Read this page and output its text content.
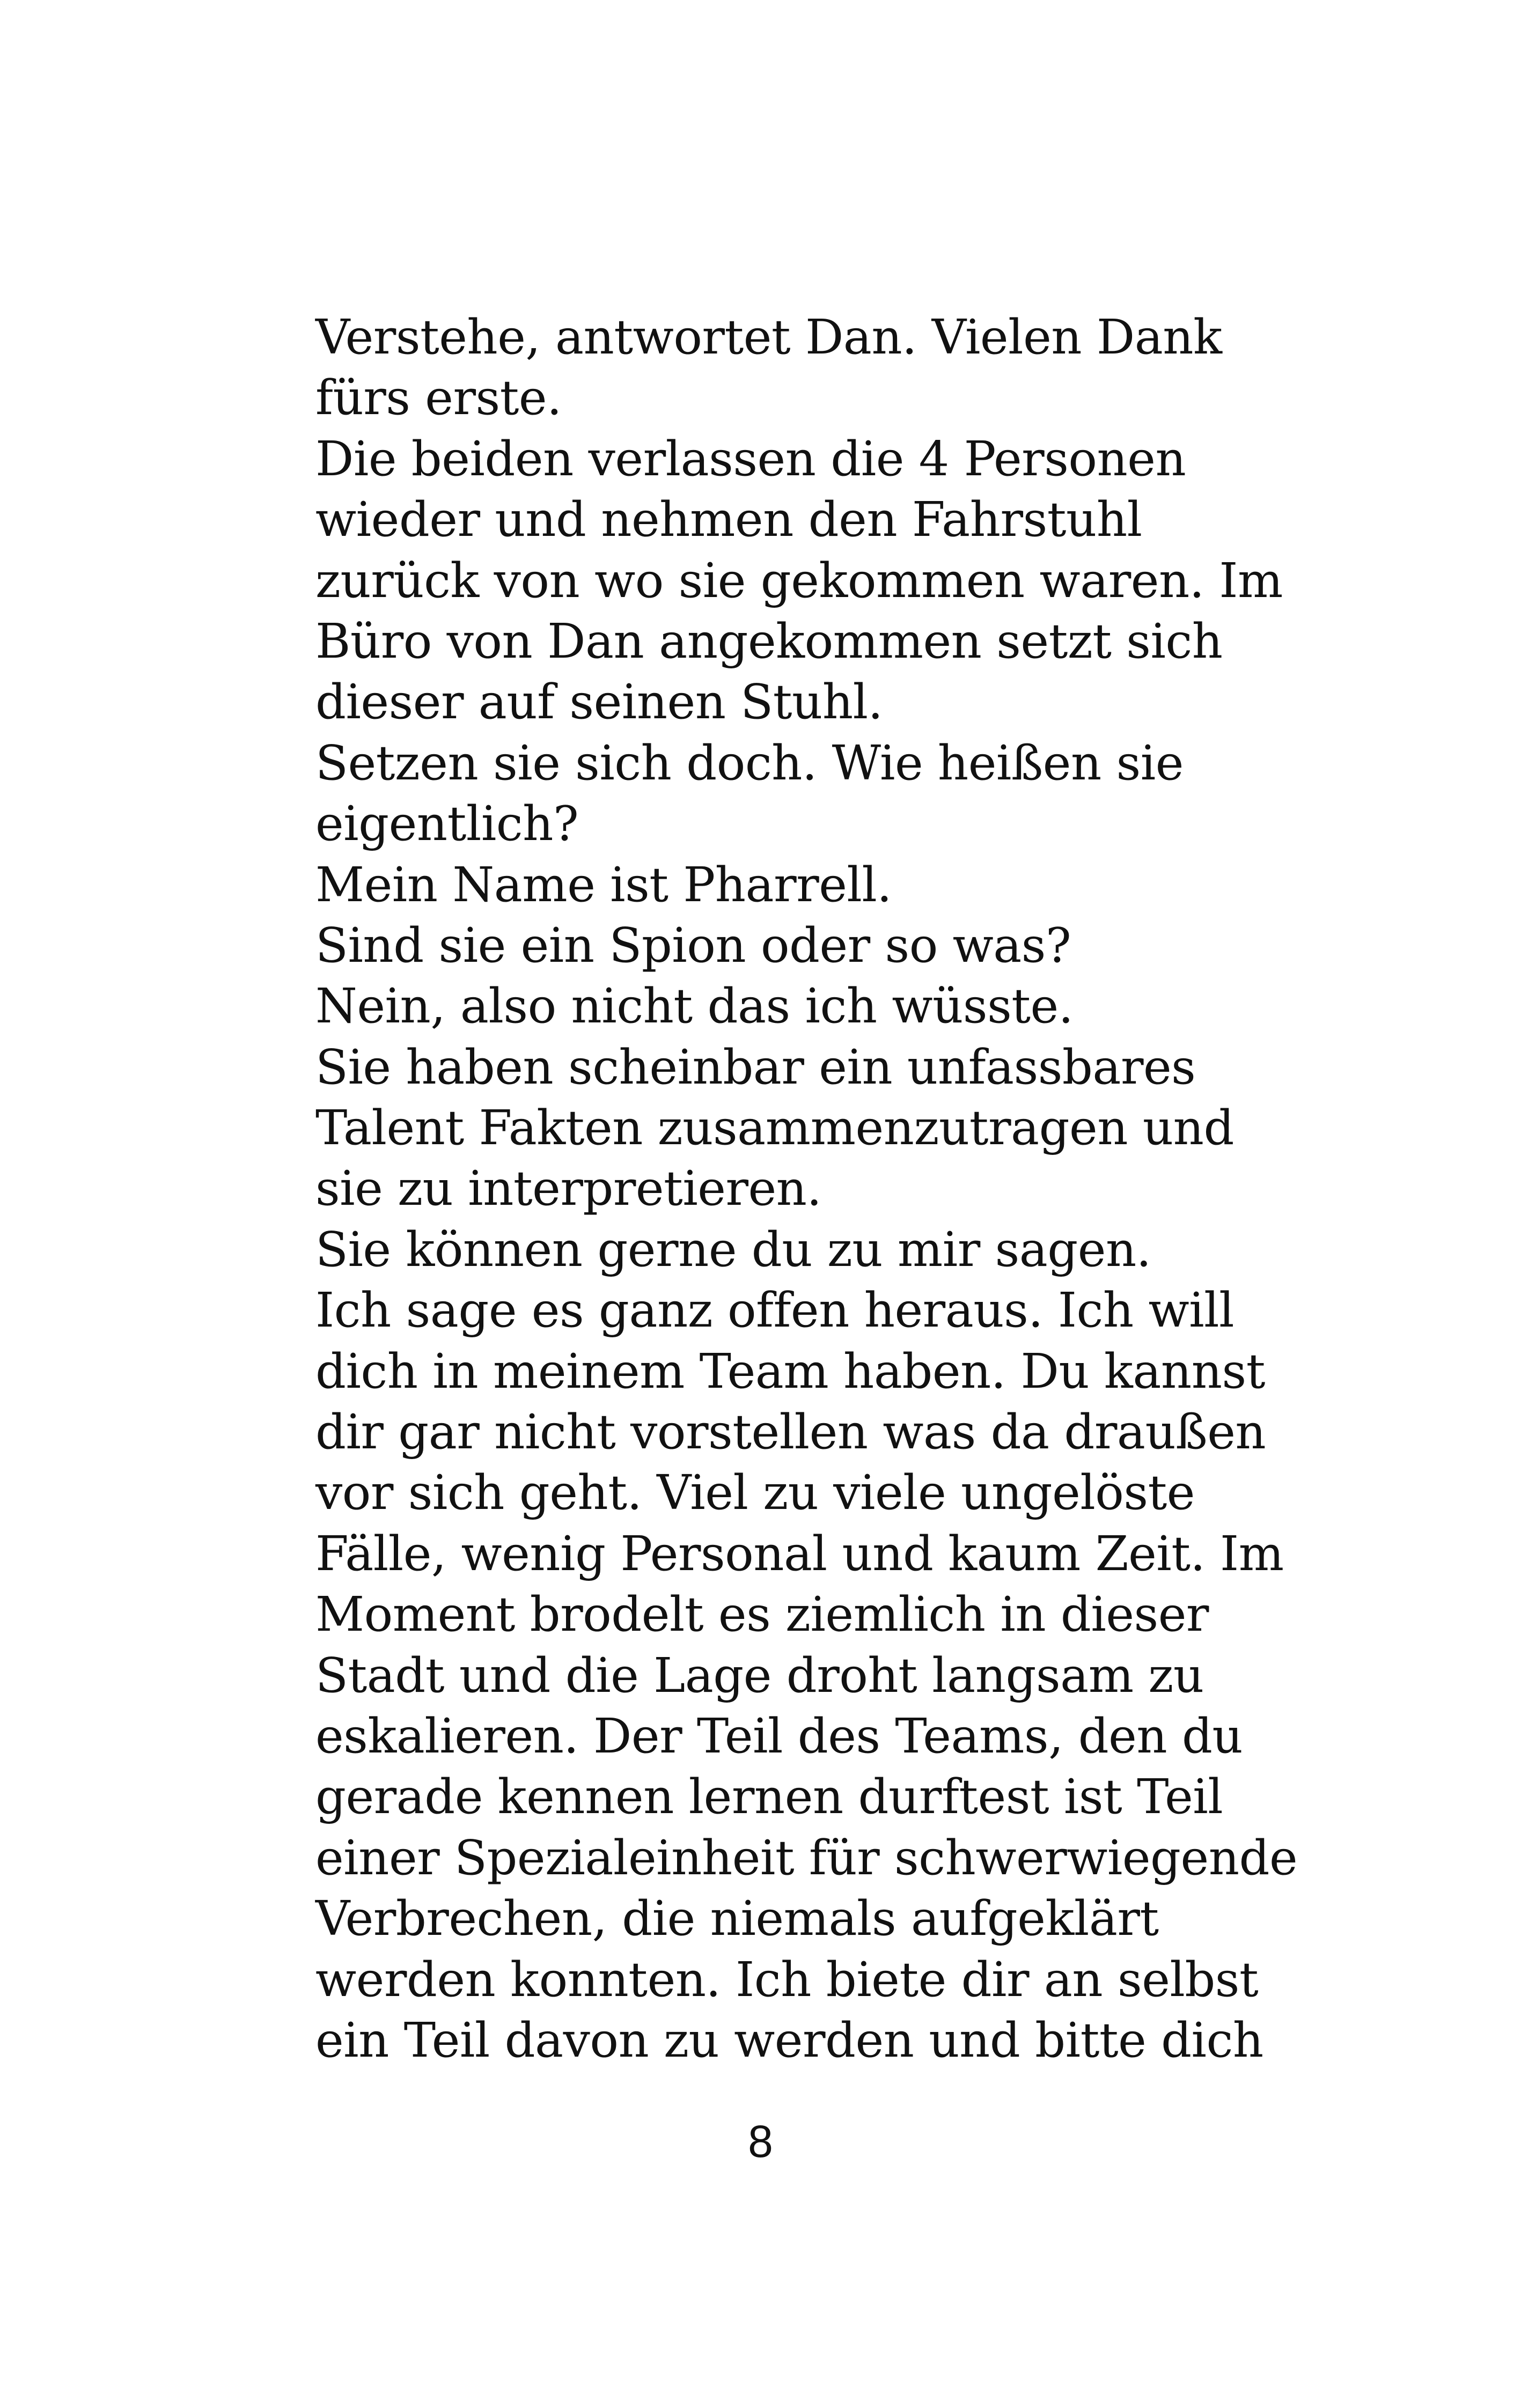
Verstehe, antwortet Dan. Vielen Dank
fürs erste.
Die beiden verlassen die 4 Personen
wieder und nehmen den Fahrstuhl
zurück von wo sie gekommen waren. Im
Büro von Dan angekommen setzt sich
dieser auf seinen Stuhl.
Setzen sie sich doch. Wie heißen sie
eigentlich?
Mein Name ist Pharrell.
Sind sie ein Spion oder so was?
Nein, also nicht das ich wüsste.
Sie haben scheinbar ein unfassbares
Talent Fakten zusammenzutragen und
sie zu interpretieren.
Sie können gerne du zu mir sagen.
Ich sage es ganz offen heraus. Ich will
dich in meinem Team haben. Du kannst
dir gar nicht vorstellen was da draußen
vor sich geht. Viel zu viele ungelöste
Fälle, wenig Personal und kaum Zeit. Im
Moment brodelt es ziemlich in dieser
Stadt und die Lage droht langsam zu
eskalieren. Der Teil des Teams, den du
gerade kennen lernen durftest ist Teil
einer Spezialeinheit für schwerwiegende
Verbrechen, die niemals aufgeklärt
werden konnten. Ich biete dir an selbst
ein Teil davon zu werden und bitte dich
8
